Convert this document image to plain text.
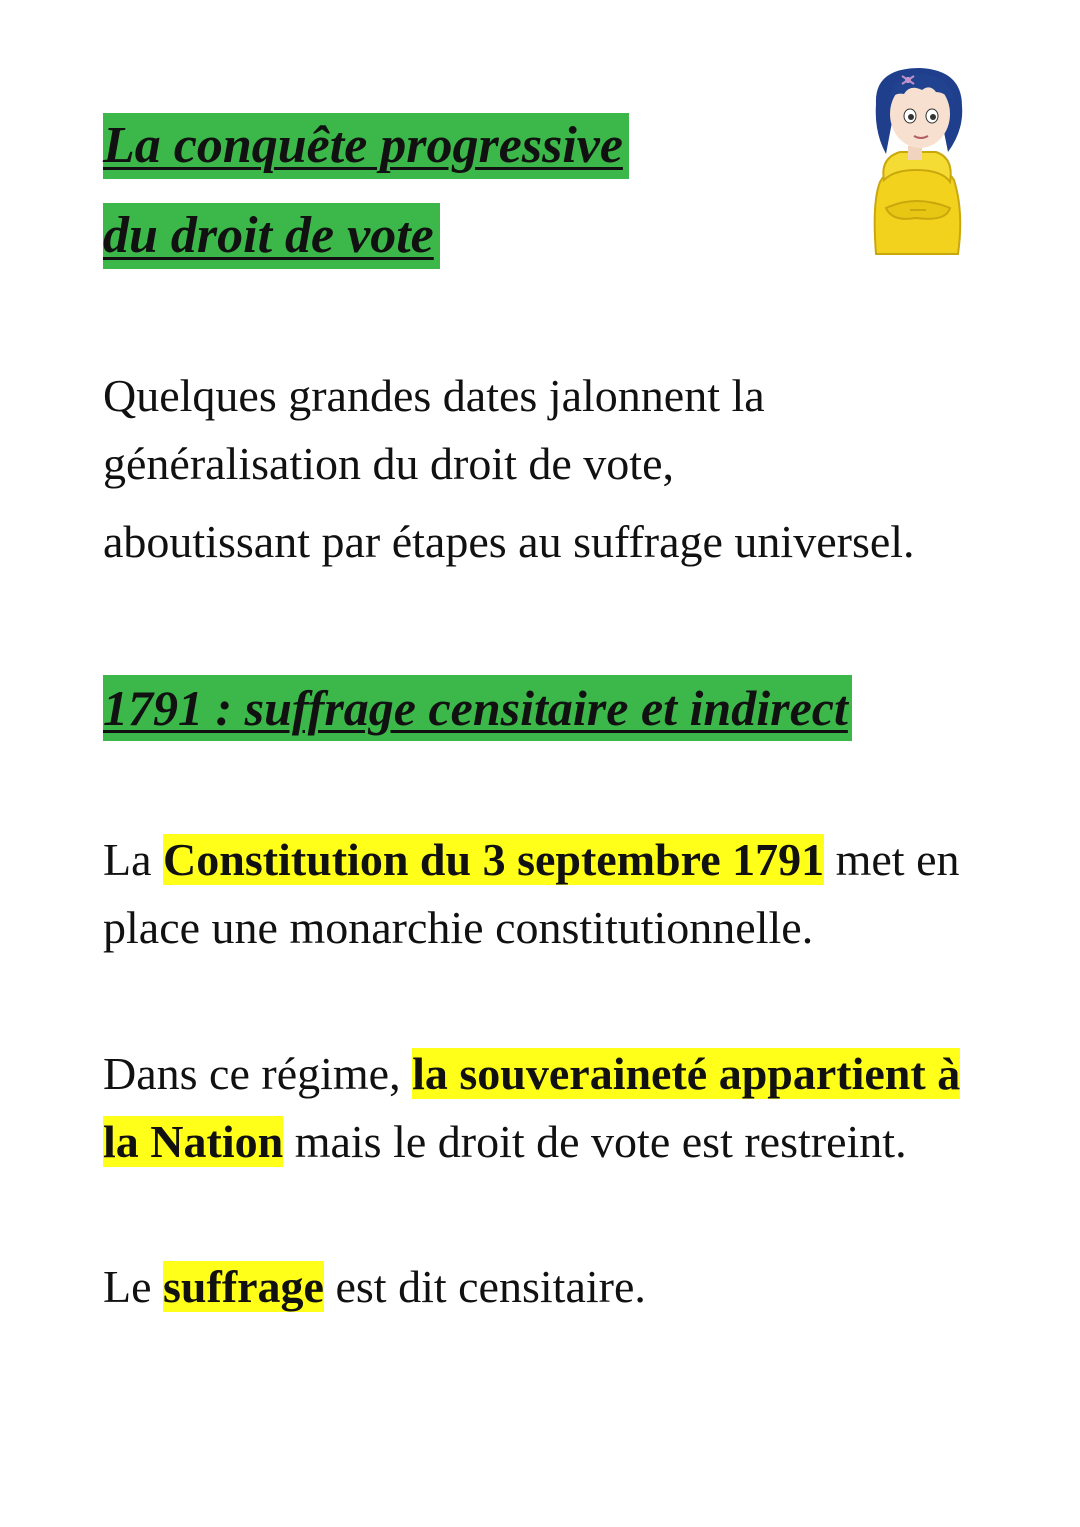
La conquête progressive
du droit de vote

Quelques grandes dates jalonnent la généralisation du droit de vote,

aboutissant par étapes au suffrage universel.

1791 : suffrage censitaire et indirect

La Constitution du 3 septembre 1791 met en place une monarchie constitutionnelle.

Dans ce régime, la souveraineté appartient à la Nation mais le droit de vote est restreint.

Le suffrage est dit censitaire.
